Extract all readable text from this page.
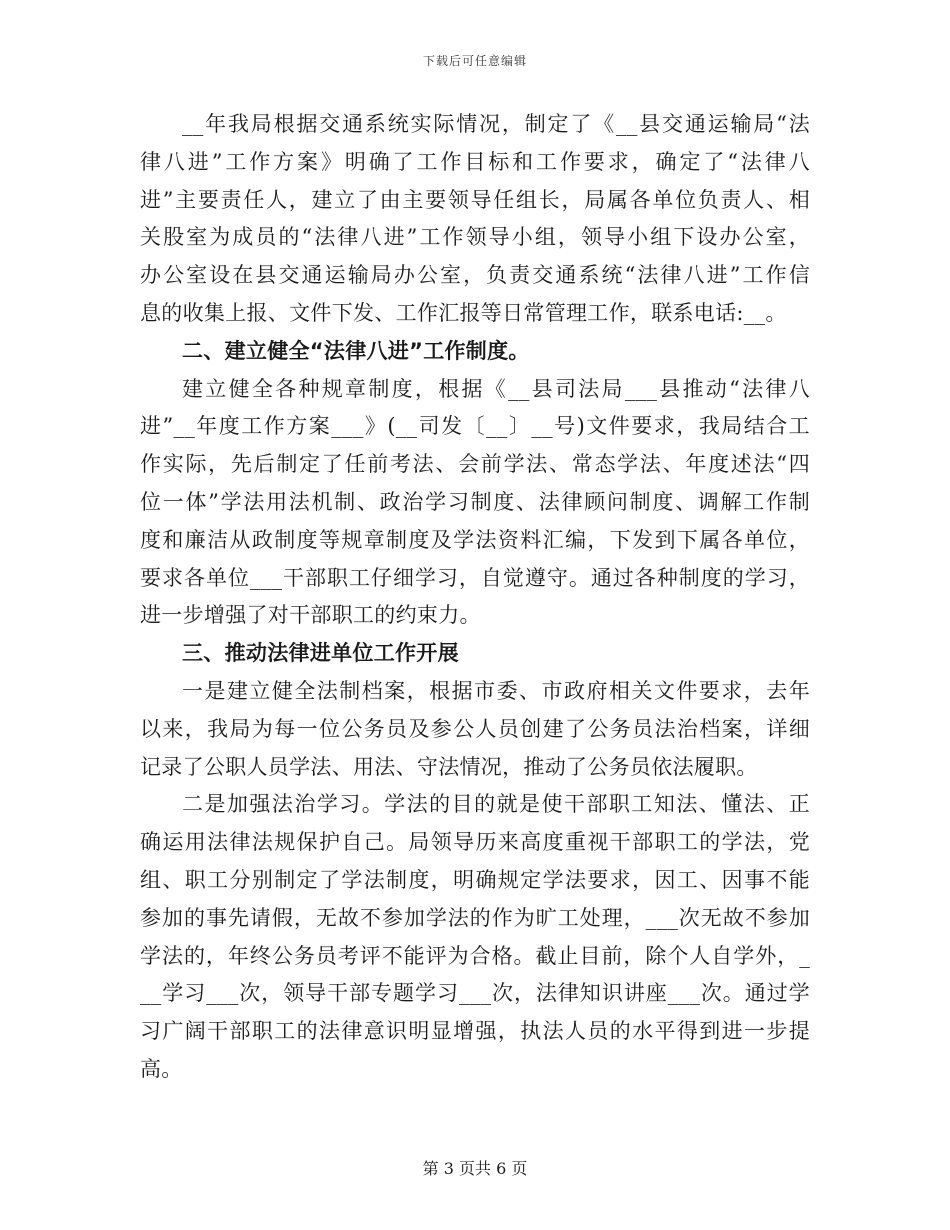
下载后可任意编辑
__年我局根据交通系统实际情况，制定了《__县交通运输局“法
律八进”工作方案》明确了工作目标和工作要求，确定了“法律八
进”主要责任人，建立了由主要领导任组长，局属各单位负责人、相
关股室为成员的“法律八进”工作领导小组，领导小组下设办公室，
办公室设在县交通运输局办公室，负责交通系统“法律八进”工作信
息的收集上报、文件下发、工作汇报等日常管理工作，联系电话:__。
二、建立健全“法律八进”工作制度。
建立健全各种规章制度，根据《__县司法局___县推动“法律八
进”__年度工作方案___》(__司发〔__〕__号)文件要求，我局结合工
作实际，先后制定了任前考法、会前学法、常态学法、年度述法“四
位一体”学法用法机制、政治学习制度、法律顾问制度、调解工作制
度和廉洁从政制度等规章制度及学法资料汇编，下发到下属各单位，
要求各单位___干部职工仔细学习，自觉遵守。通过各种制度的学习，
进一步增强了对干部职工的约束力。
三、推动法律进单位工作开展
一是建立健全法制档案，根据市委、市政府相关文件要求，去年
以来，我局为每一位公务员及参公人员创建了公务员法治档案，详细
记录了公职人员学法、用法、守法情况，推动了公务员依法履职。
二是加强法治学习。学法的目的就是使干部职工知法、懂法、正
确运用法律法规保护自己。局领导历来高度重视干部职工的学法，党
组、职工分别制定了学法制度，明确规定学法要求，因工、因事不能
参加的事先请假，无故不参加学法的作为旷工处理，___次无故不参加
学法的，年终公务员考评不能评为合格。截止目前，除个人自学外，_
__学习___次，领导干部专题学习___次，法律知识讲座___次。通过学
习广阔干部职工的法律意识明显增强，执法人员的水平得到进一步提
高。
第 3 页共 6 页
